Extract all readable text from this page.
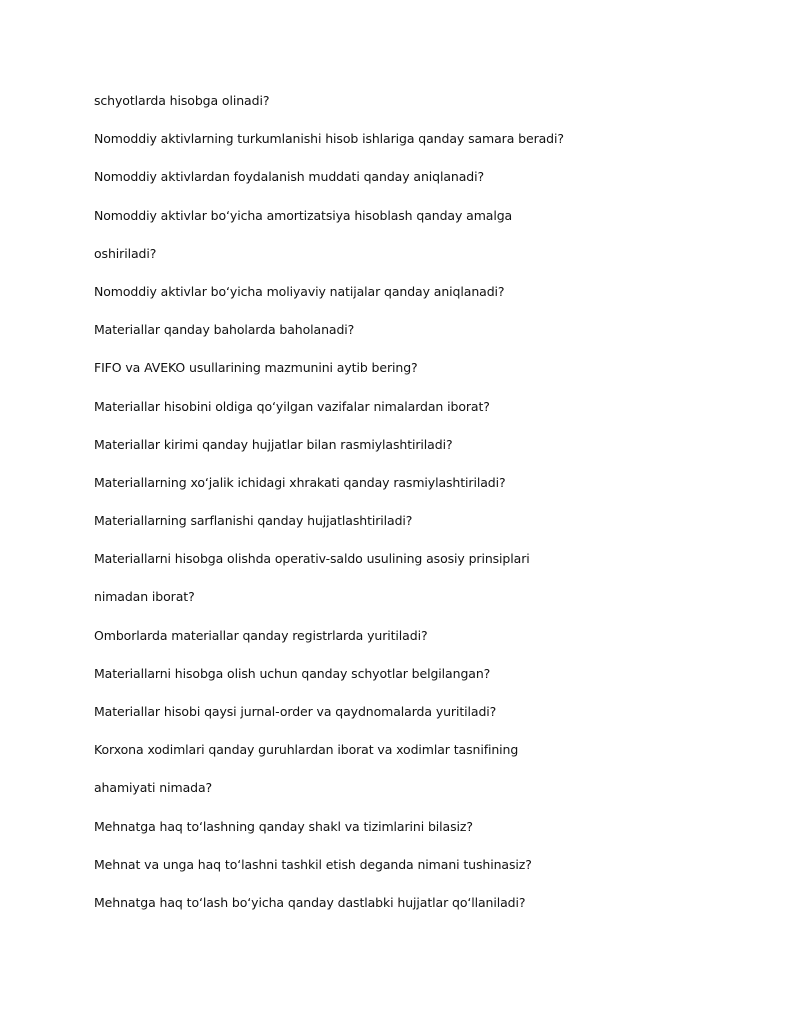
schyotlarda hisobga olinadi?
Nomoddiy aktivlarning turkumlanishi hisob ishlariga qanday samara beradi?
Nomoddiy aktivlardan foydalanish muddati qanday aniqlanadi?
Nomoddiy aktivlar bo‘yicha amortizatsiya hisoblash qanday amalga
oshiriladi?
Nomoddiy aktivlar bo‘yicha moliyaviy natijalar qanday aniqlanadi?
Materiallar qanday baholarda baholanadi?
FIFO va AVEKO usullarining mazmunini aytib bering?
Materiallar hisobini oldiga qo‘yilgan vazifalar nimalardan iborat?
Materiallar kirimi qanday hujjatlar bilan rasmiylashtiriladi?
Materiallarning xo‘jalik ichidagi xhrakati qanday rasmiylashtiriladi?
Materiallarning sarflanishi qanday hujjatlashtiriladi?
Materiallarni hisobga olishda operativ-saldo usulining asosiy prinsiplari
nimadan iborat?
Omborlarda materiallar qanday registrlarda yuritiladi?
Materiallarni hisobga olish uchun qanday schyotlar belgilangan?
Materiallar hisobi qaysi jurnal-order va qaydnomalarda yuritiladi?
Korxona xodimlari qanday guruhlardan iborat va xodimlar tasnifining
ahamiyati nimada?
Mehnatga haq to‘lashning qanday shakl va tizimlarini bilasiz?
Mehnat va unga haq to‘lashni tashkil etish deganda nimani tushinasiz?
Mehnatga haq to‘lash bo‘yicha qanday dastlabki hujjatlar qo‘llaniladi?
